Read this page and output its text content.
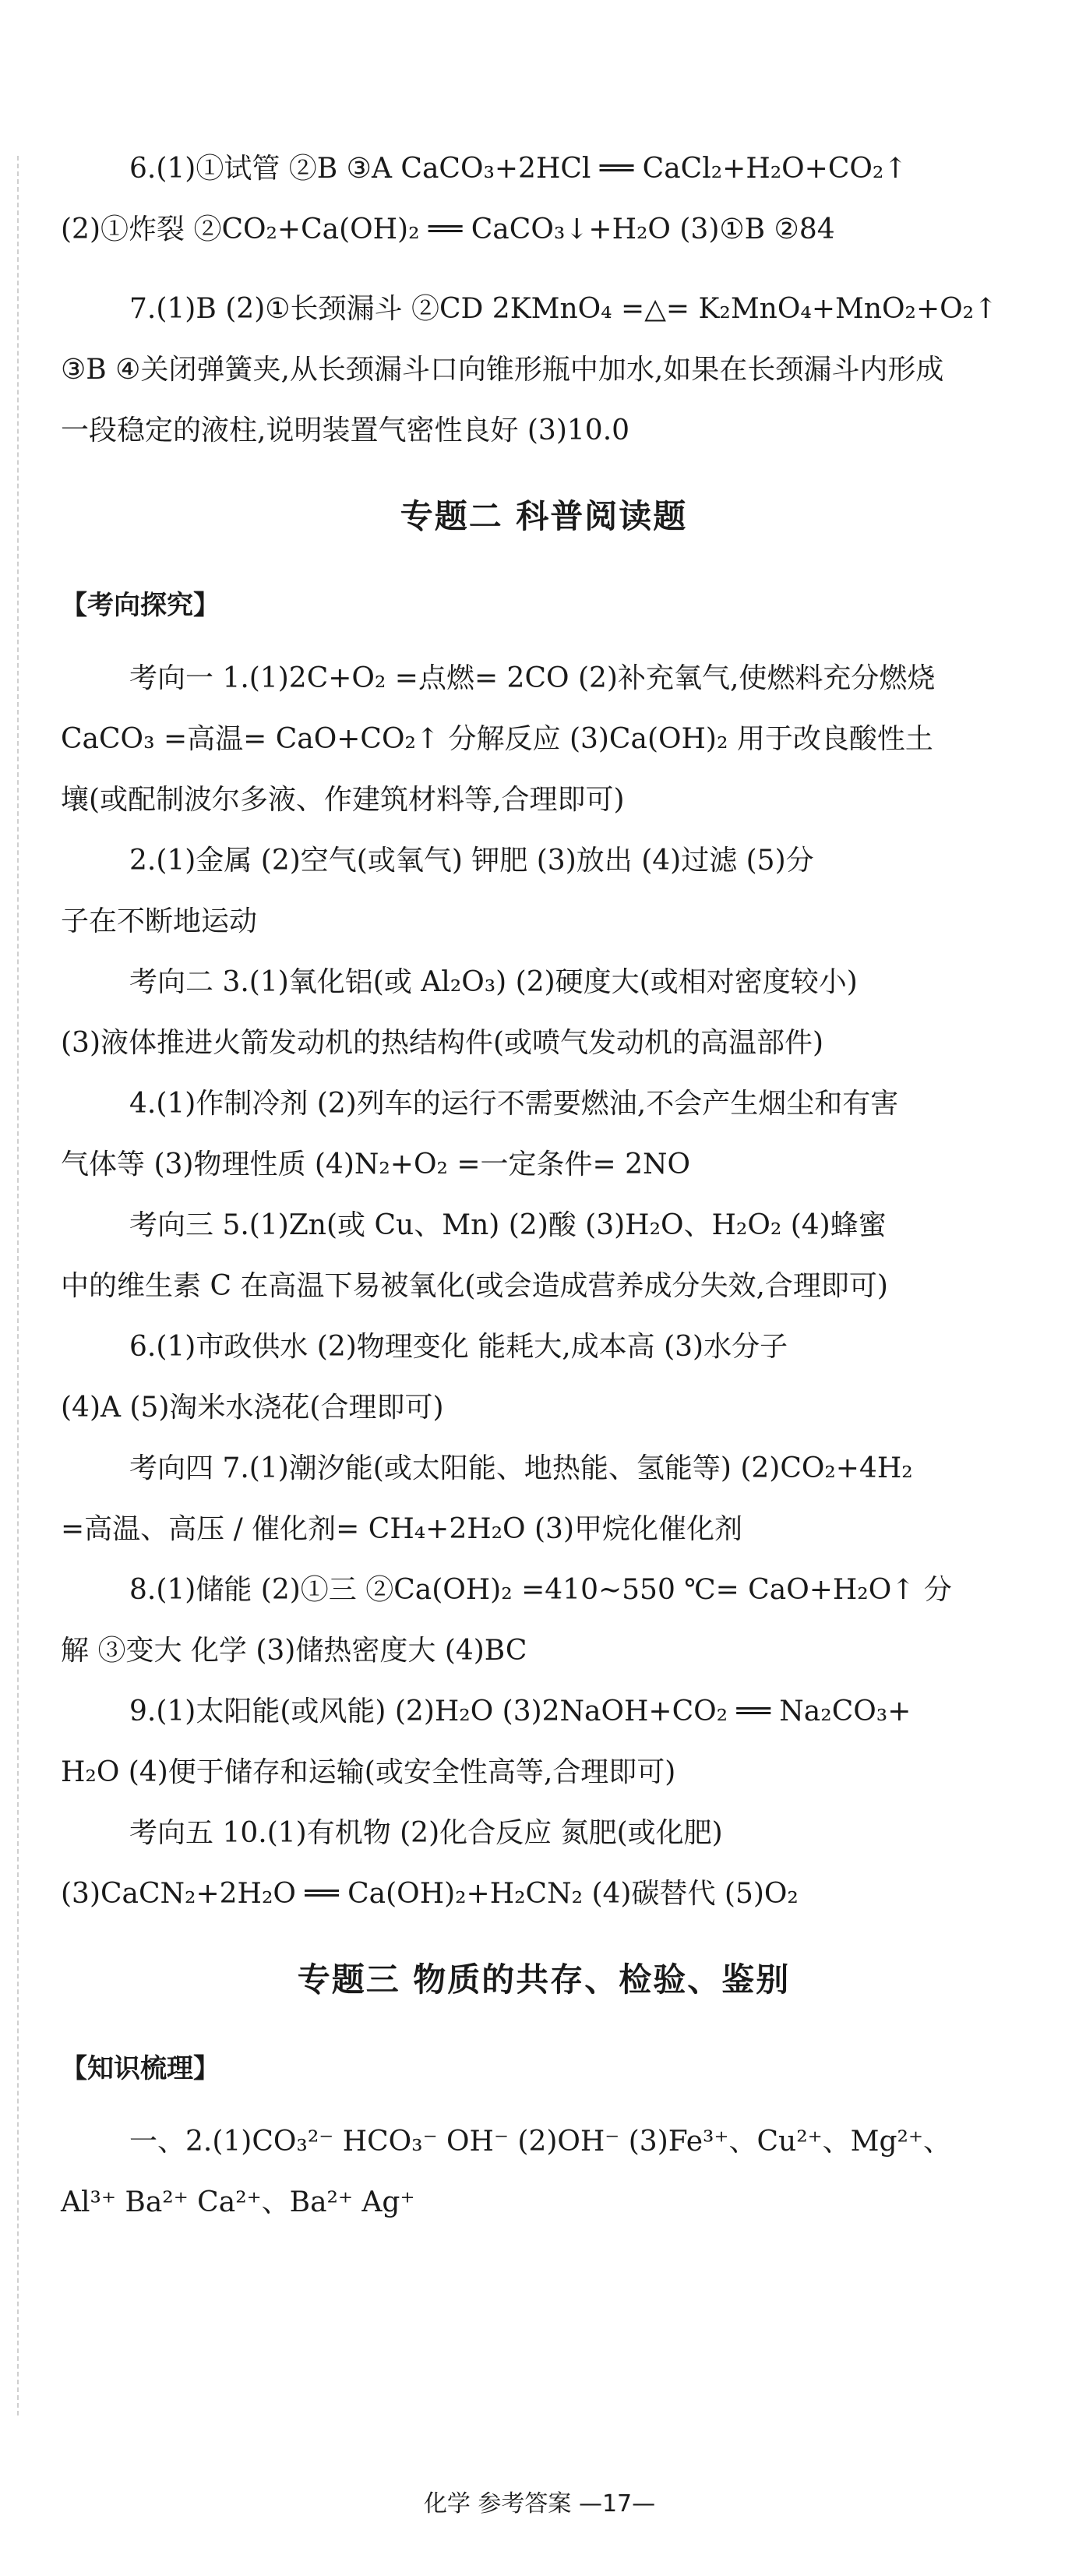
6.(1)①试管 ②B ③A CaCO₃+2HCl ══ CaCl₂+H₂O+CO₂↑

(2)①炸裂 ②CO₂+Ca(OH)₂ ══ CaCO₃↓+H₂O (3)①B ②84

7.(1)B (2)①长颈漏斗 ②CD 2KMnO₄ =△= K₂MnO₄+MnO₂+O₂↑

③B ④关闭弹簧夹,从长颈漏斗口向锥形瓶中加水,如果在长颈漏斗内形成

一段稳定的液柱,说明装置气密性良好 (3)10.0

专题二 科普阅读题
【考向探究】

考向一 1.(1)2C+O₂ =点燃= 2CO (2)补充氧气,使燃料充分燃烧

CaCO₃ =高温= CaO+CO₂↑ 分解反应 (3)Ca(OH)₂ 用于改良酸性土

壤(或配制波尔多液、作建筑材料等,合理即可)

2.(1)金属 (2)空气(或氧气) 钾肥 (3)放出 (4)过滤 (5)分

子在不断地运动

考向二 3.(1)氧化铝(或 Al₂O₃) (2)硬度大(或相对密度较小)

(3)液体推进火箭发动机的热结构件(或喷气发动机的高温部件)

4.(1)作制冷剂 (2)列车的运行不需要燃油,不会产生烟尘和有害

气体等 (3)物理性质 (4)N₂+O₂ =一定条件= 2NO

考向三 5.(1)Zn(或 Cu、Mn) (2)酸 (3)H₂O、H₂O₂ (4)蜂蜜

中的维生素 C 在高温下易被氧化(或会造成营养成分失效,合理即可)

6.(1)市政供水 (2)物理变化 能耗大,成本高 (3)水分子

(4)A (5)淘米水浇花(合理即可)

考向四 7.(1)潮汐能(或太阳能、地热能、氢能等) (2)CO₂+4H₂

=高温、高压 / 催化剂= CH₄+2H₂O (3)甲烷化催化剂

8.(1)储能 (2)①三 ②Ca(OH)₂ =410~550 ℃= CaO+H₂O↑ 分

解 ③变大 化学 (3)储热密度大 (4)BC

9.(1)太阳能(或风能) (2)H₂O (3)2NaOH+CO₂ ══ Na₂CO₃+

H₂O (4)便于储存和运输(或安全性高等,合理即可)

考向五 10.(1)有机物 (2)化合反应 氮肥(或化肥)

(3)CaCN₂+2H₂O ══ Ca(OH)₂+H₂CN₂ (4)碳替代 (5)O₂

专题三 物质的共存、检验、鉴别
【知识梳理】

一、2.(1)CO₃²⁻ HCO₃⁻ OH⁻ (2)OH⁻ (3)Fe³⁺、Cu²⁺、Mg²⁺、

Al³⁺ Ba²⁺ Ca²⁺、Ba²⁺ Ag⁺

化学 参考答案 —17—
